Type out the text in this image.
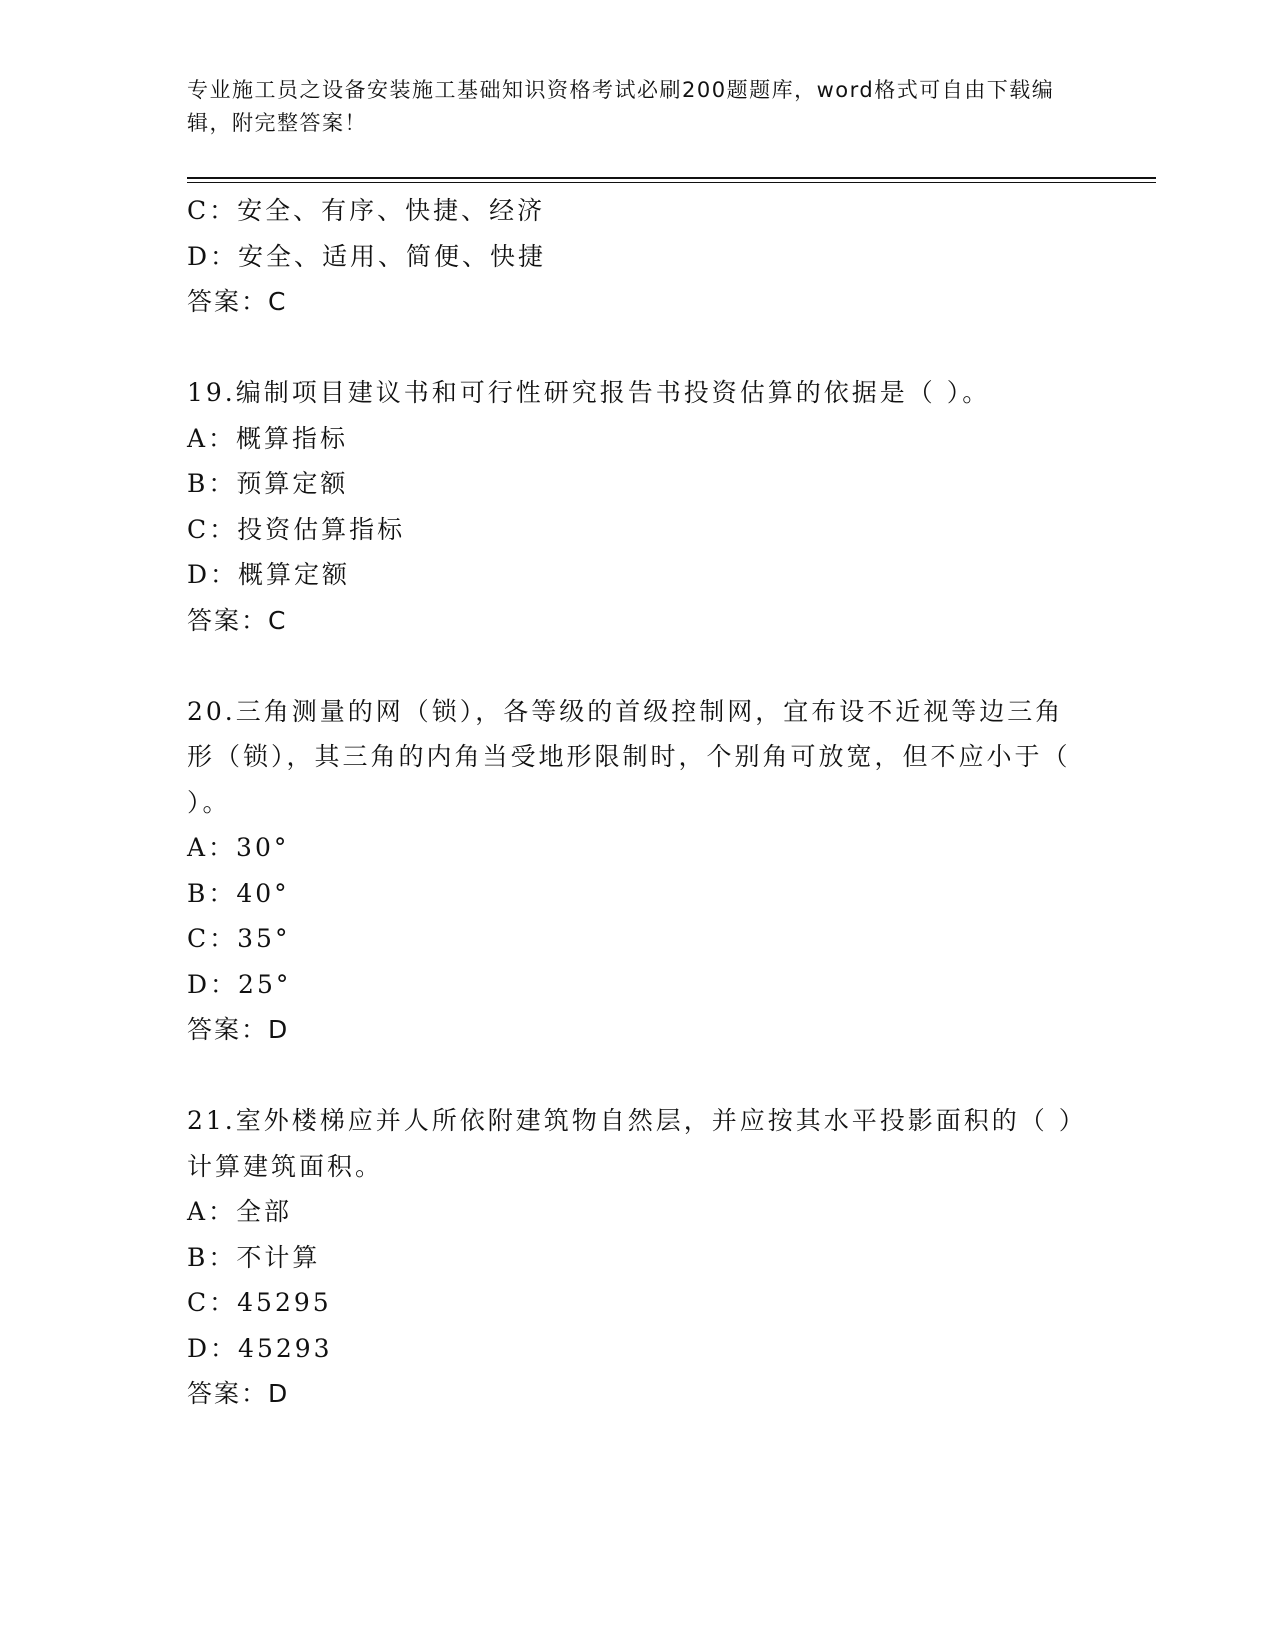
专业施工员之设备安装施工基础知识资格考试必刷200题题库，word格式可自由下载编辑，附完整答案！
C：安全、有序、快捷、经济
D：安全、适用、简便、快捷
答案：C
19.编制项目建议书和可行性研究报告书投资估算的依据是（ ）。
A：概算指标
B：预算定额
C：投资估算指标
D：概算定额
答案：C
20.三角测量的网（锁），各等级的首级控制网，宜布设不近视等边三角形（锁），其三角的内角当受地形限制时，个别角可放宽，但不应小于（ ）。
A：30°
B：40°
C：35°
D：25°
答案：D
21.室外楼梯应并人所依附建筑物自然层，并应按其水平投影面积的（ ）计算建筑面积。
A：全部
B：不计算
C：45295
D：45293
答案：D
